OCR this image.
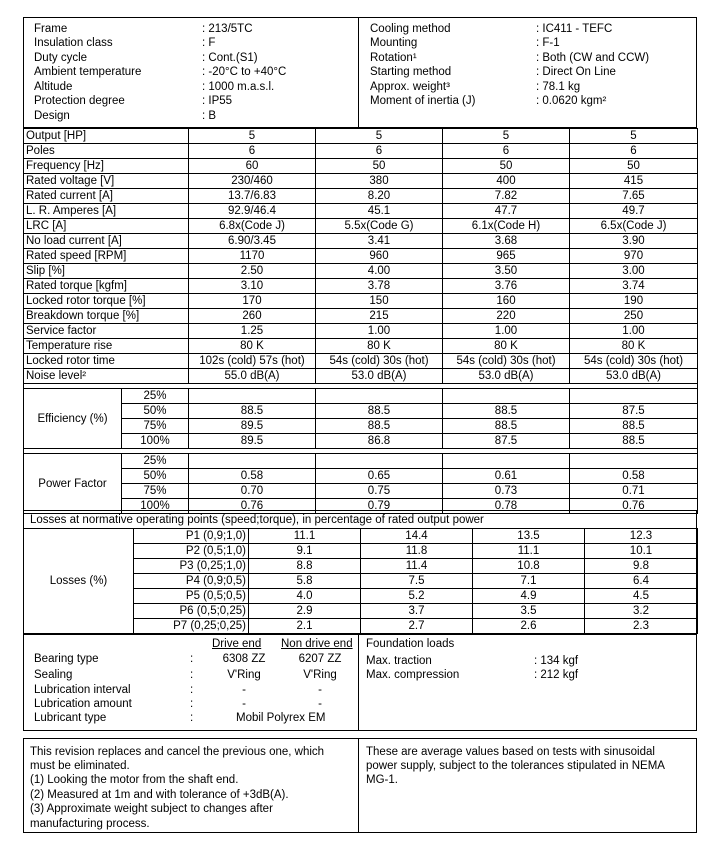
Frame	: 213/5TC
Insulation class	: F
Duty cycle	: Cont.(S1)
Ambient temperature	: -20°C to +40°C
Altitude	: 1000 m.a.s.l.
Protection degree	: IP55
Design	: B
Cooling method	: IC411 - TEFC
Mounting	: F-1
Rotation¹	: Both (CW and CCW)
Starting method	: Direct On Line
Approx. weight³	: 78.1 kg
Moment of inertia (J)	: 0.0620 kgm²
Output [HP]		5	5	5	5
Poles		6	6	6	6
Frequency [Hz]		60	50	50	50
Rated voltage [V]		230/460	380	400	415
Rated current [A]		13.7/6.83	8.20	7.82	7.65
L. R. Amperes [A]		92.9/46.4	45.1	47.7	49.7
LRC [A]		6.8x(Code J)	5.5x(Code G)	6.1x(Code H)	6.5x(Code J)
No load current [A]		6.90/3.45	3.41	3.68	3.90
Rated speed [RPM]		1170	960	965	970
Slip [%]		2.50	4.00	3.50	3.00
Rated torque [kgfm]		3.10	3.78	3.76	3.74
Locked rotor torque [%]		170	150	160	190
Breakdown torque [%]		260	215	220	250
Service factor		1.25	1.00	1.00	1.00
Temperature rise		80 K	80 K	80 K	80 K
Locked rotor time		102s (cold) 57s (hot)	54s (cold) 30s (hot)	54s (cold) 30s (hot)	54s (cold) 30s (hot)
Noise level²		55.0 dB(A)	53.0 dB(A)	53.0 dB(A)	53.0 dB(A)

Efficiency (%)	25%				
	50%	88.5	88.5	88.5	87.5
	75%	89.5	88.5	88.5	88.5
	100%	89.5	86.8	87.5	88.5

Power Factor	25%				
	50%	0.58	0.65	0.61	0.58
	75%	0.70	0.75	0.73	0.71
	100%	0.76	0.79	0.78	0.76
Losses at normative operating points (speed;torque), in percentage of rated output power
Losses (%)	P1 (0,9;1,0)	11.1	14.4	13.5	12.3
	P2 (0,5;1,0)	9.1	11.8	11.1	10.1
	P3 (0,25;1,0)	8.8	11.4	10.8	9.8
	P4 (0,9;0,5)	5.8	7.5	7.1	6.4
	P5 (0,5;0,5)	4.0	5.2	4.9	4.5
	P6 (0,5;0,25)	2.9	3.7	3.5	3.2
	P7 (0,25;0,25)	2.1	2.7	2.6	2.3
Drive end Non drive end
Bearing type	:	6308 ZZ	6207 ZZ
Sealing	:	V'Ring	V'Ring
Lubrication interval	:	-	-
Lubrication amount	:	-	-
Lubricant type	:	Mobil Polyrex EM
Foundation loads
Max. traction	: 134 kgf
Max. compression	: 212 kgf
This revision replaces and cancel the previous one, which
must be eliminated.
(1) Looking the motor from the shaft end.
(2) Measured at 1m and with tolerance of +3dB(A).
(3) Approximate weight subject to changes after
manufacturing process.
These are average values based on tests with sinusoidal
power supply, subject to the tolerances stipulated in NEMA
MG-1.
